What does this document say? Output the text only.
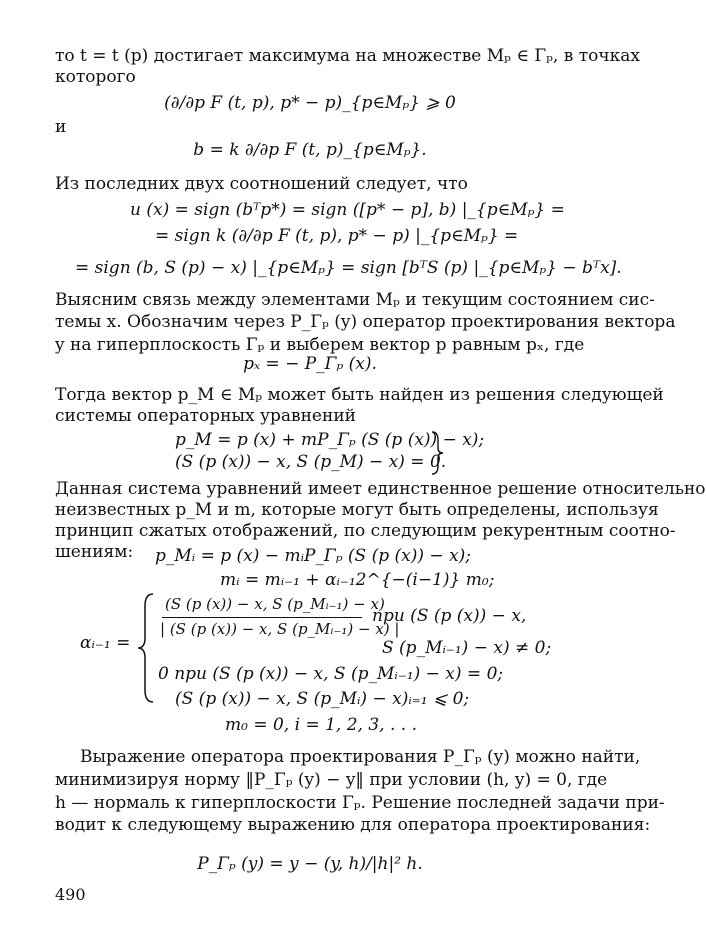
то t = t (p) достигает максимума на множестве Mₚ ∈ Γₚ, в точках
которого
(∂/∂p F (t, p), p* − p)_{p∈Mₚ} ⩾ 0
и
b = k ∂/∂p F (t, p)_{p∈Mₚ}.
Из последних двух соотношений следует, что
u (x) = sign (bᵀp*) = sign ([p* − p], b) |_{p∈Mₚ} =
= sign k (∂/∂p F (t, p), p* − p) |_{p∈Mₚ} =
= sign (b, S (p) − x) |_{p∈Mₚ} = sign [bᵀS (p) |_{p∈Mₚ} − bᵀx].
Выясним связь между элементами Mₚ и текущим состоянием сис-
темы x. Обозначим через P_Γₚ (y) оператор проектирования вектора
y на гиперплоскость Γₚ и выберем вектор p равным pₓ, где
pₓ = − P_Γₚ (x).
Тогда вектор p_M ∈ Mₚ может быть найден из решения следующей
системы операторных уравнений
p_M = p (x) + mP_Γₚ (S (p (x)) − x);
(S (p (x)) − x, S (p_M) − x) = 0.
Данная система уравнений имеет единственное решение относительно
неизвестных p_M и m, которые могут быть определены, используя
принцип сжатых отображений, по следующим рекурентным соотно-
шениям: p_Mᵢ = p (x) − mᵢP_Γₚ (S (p (x)) − x);
mᵢ = mᵢ₋₁ + αᵢ₋₁2^{−(i−1)} m₀;
αᵢ₋₁ =
(S (p (x)) − x, S (p_Mᵢ₋₁) − x)
| (S (p (x)) − x, S (p_Mᵢ₋₁) − x) |
при (S (p (x)) − x,
S (p_Mᵢ₋₁) − x) ≠ 0;
0 при (S (p (x)) − x, S (p_Mᵢ₋₁) − x) = 0;
(S (p (x)) − x, S (p_Mᵢ) − x)ᵢ₌₁ ⩽ 0;
m₀ = 0, i = 1, 2, 3, . . .
Выражение оператора проектирования P_Γₚ (y) можно найти,
минимизируя норму ‖P_Γₚ (y) − y‖ при условии (h, y) = 0, где
h — нормаль к гиперплоскости Γₚ. Решение последней задачи при-
водит к следующему выражению для оператора проектирования:
P_Γₚ (y) = y − (y, h)/|h|² h.
490
